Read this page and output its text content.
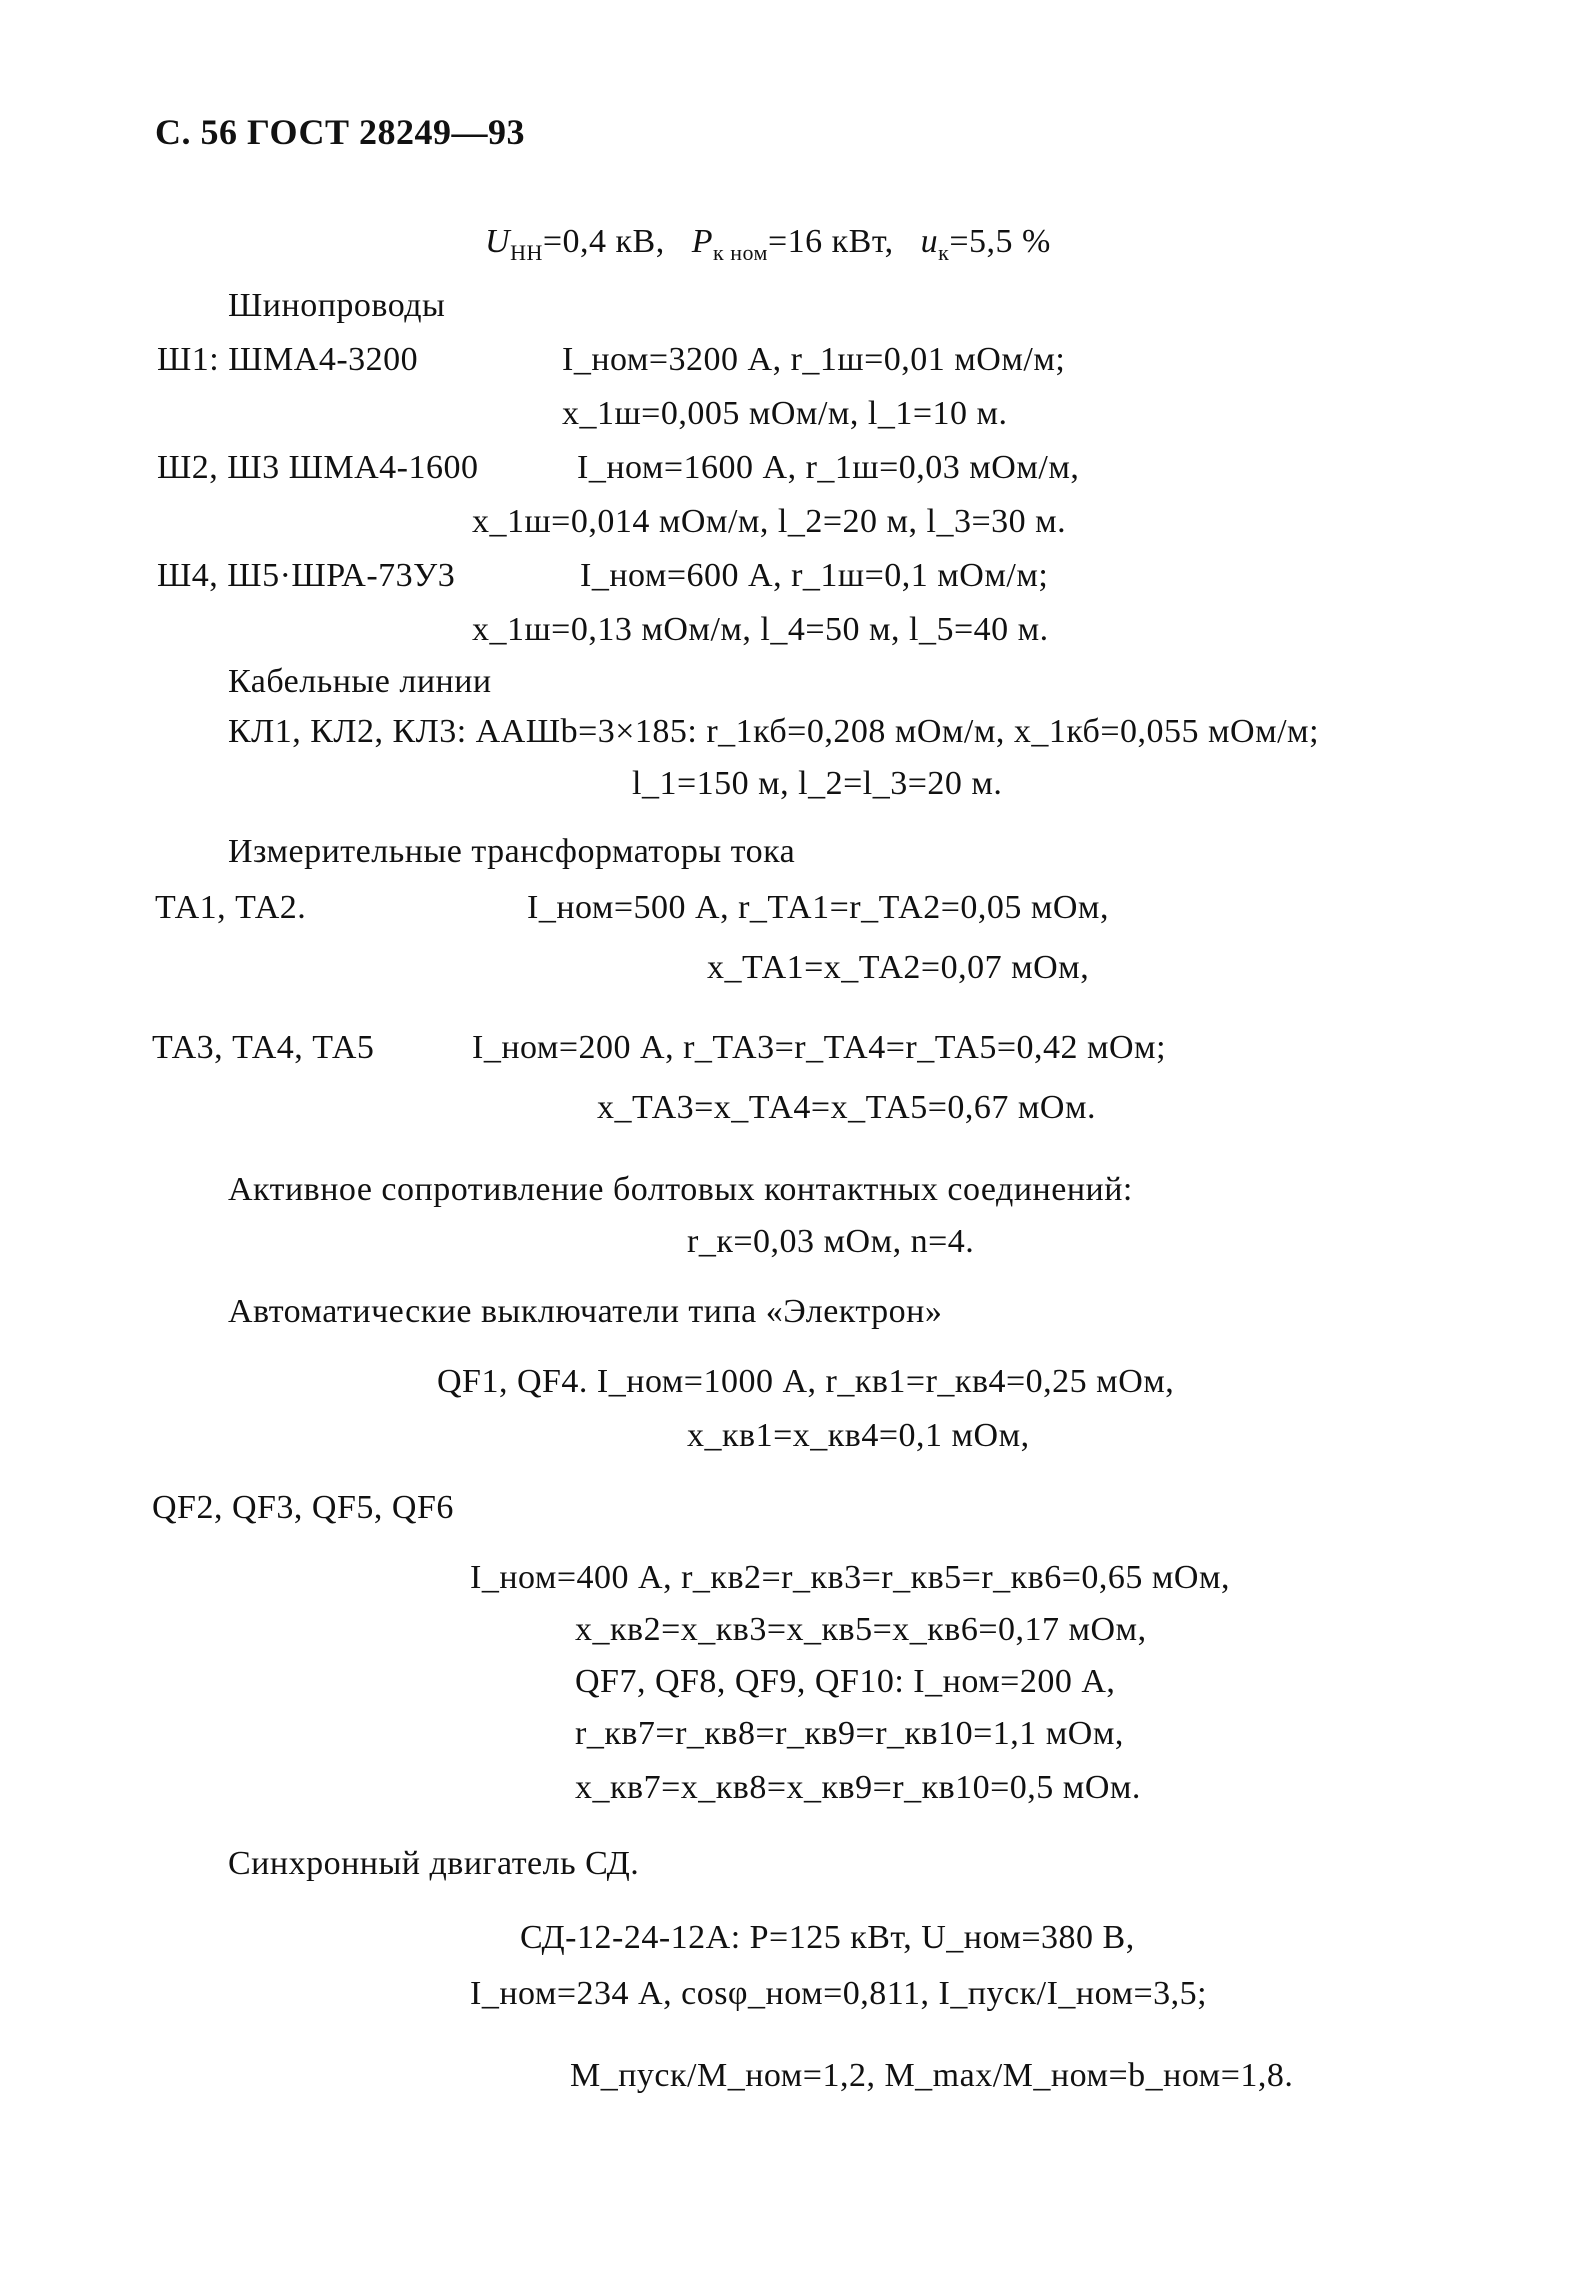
С. 56 ГОСТ 28249—93
$U_{НН}=0,4$ кВ, $P_{к ном}=16$ кВт, $u_к=5,5$ %
Шинопроводы
Ш1: ШМА4-3200	I_ном=3200 А, r_1ш=0,01 мОм/м;
x_1ш=0,005 мОм/м, l_1=10 м.
Ш2, Ш3 ШМА4-1600	I_ном=1600 А, r_1ш=0,03 мОм/м,
x_1ш=0,014 мОм/м, l_2=20 м, l_3=30 м.
Ш4, Ш5·ШРА-73У3	I_ном=600 А, r_1ш=0,1 мОм/м;
x_1ш=0,13 мОм/м, l_4=50 м, l_5=40 м.
Кабельные линии
КЛ1, КЛ2, КЛ3: ААШb=3×185: r_1кб=0,208 мОм/м, x_1кб=0,055 мОм/м;
l_1=150 м, l_2=l_3=20 м.
Измерительные трансформаторы тока
ТА1, ТА2.	I_ном=500 А, r_ТА1=r_ТА2=0,05 мОм,
x_ТА1=x_ТА2=0,07 мОм,
ТА3, ТА4, ТА5	I_ном=200 А, r_ТА3=r_ТА4=r_ТА5=0,42 мОм;
x_ТА3=x_ТА4=x_ТА5=0,67 мОм.
Активное сопротивление болтовых контактных соединений:
r_к=0,03 мОм, n=4.
Автоматические выключатели типа «Электрон»
QF1, QF4. I_ном=1000 А, r_кв1=r_кв4=0,25 мОм,
x_кв1=x_кв4=0,1 мОм,
QF2, QF3, QF5, QF6
I_ном=400 А, r_кв2=r_кв3=r_кв5=r_кв6=0,65 мОм,
x_кв2=x_кв3=x_кв5=x_кв6=0,17 мОм,
QF7, QF8, QF9, QF10: I_ном=200 А,
r_кв7=r_кв8=r_кв9=r_кв10=1,1 мОм,
x_кв7=x_кв8=x_кв9=r_кв10=0,5 мОм.
Синхронный двигатель СД.
СД-12-24-12А: P=125 кВт, U_ном=380 В,
I_ном=234 А, cosφ_ном=0,811, I_пуск/I_ном=3,5;
M_пуск/M_ном=1,2, M_max/M_ном=b_ном=1,8.
